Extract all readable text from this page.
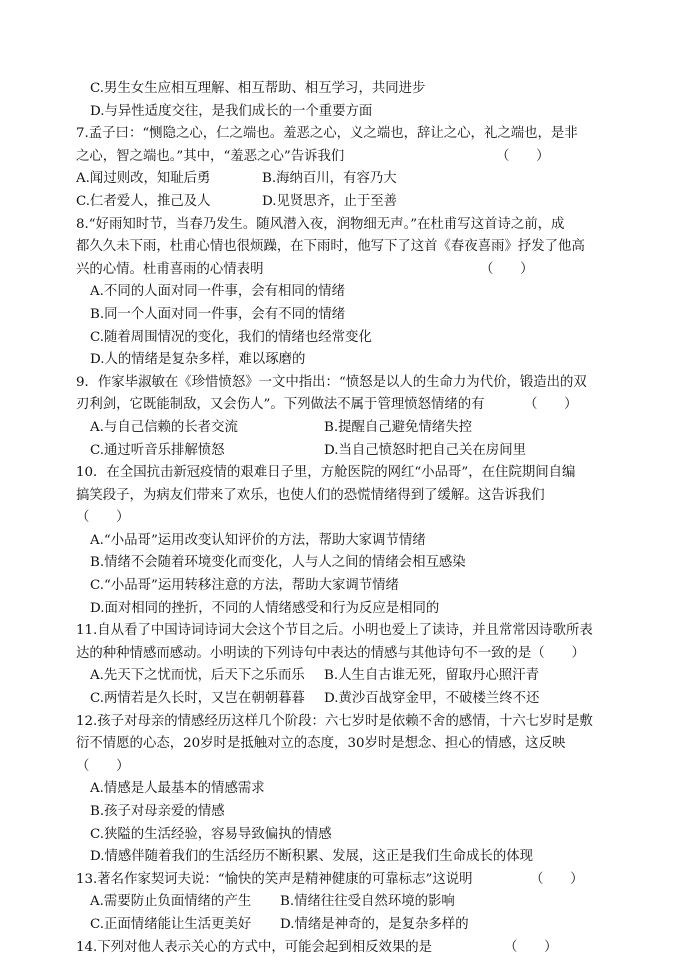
C.男生女生应相互理解、相互帮助、相互学习，共同进步
D.与异性适度交往，是我们成长的一个重要方面
7.孟子曰：“恻隐之心，仁之端也。羞恶之心，义之端也，辞让之心，礼之端也，是非
之心，智之端也。”其中，“羞恶之心”告诉我们	（　　）
A.闻过则改，知耻后勇	B.海纳百川，有容乃大
C.仁者爱人，推己及人	D.见贤思齐，止于至善
8.“好雨知时节，当春乃发生。随风潜入夜，润物细无声。”在杜甫写这首诗之前，成
都久久未下雨，杜甫心情也很烦躁，在下雨时，他写下了这首《春夜喜雨》抒发了他高
兴的心情。杜甫喜雨的心情表明	（　　）
A.不同的人面对同一件事，会有相同的情绪
B.同一个人面对同一件事，会有不同的情绪
C.随着周围情况的变化，我们的情绪也经常变化
D.人的情绪是复杂多样，难以琢磨的
9．作家毕淑敏在《珍惜愤怒》一文中指出：“愤怒是以人的生命力为代价，锻造出的双
刃利剑，它既能制敌，又会伤人”。下列做法不属于管理愤怒情绪的有	（　　）
A.与自己信赖的长者交流	B.提醒自己避免情绪失控
C.通过听音乐排解愤怒	D.当自己愤怒时把自己关在房间里
10．在全国抗击新冠疫情的艰难日子里，方舱医院的网红“小品哥”，在住院期间自编
搞笑段子，为病友们带来了欢乐，也使人们的恐慌情绪得到了缓解。这告诉我们
（　　）
A.“小品哥”运用改变认知评价的方法，帮助大家调节情绪
B.情绪不会随着环境变化而变化，人与人之间的情绪会相互感染
C.“小品哥”运用转移注意的方法，帮助大家调节情绪
D.面对相同的挫折，不同的人情绪感受和行为反应是相同的
11.自从看了中国诗词诗词大会这个节目之后。小明也爱上了读诗，并且常常因诗歌所表
达的种种情感而感动。小明读的下列诗句中表达的情感与其他诗句不一致的是（　　）
A.先天下之忧而忧，后天下之乐而乐 B.人生自古谁无死，留取丹心照汗青
C.两情若是久长时，又岂在朝朝暮暮 D.黄沙百战穿金甲，不破楼兰终不还
12.孩子对母亲的情感经历这样几个阶段：六七岁时是依赖不舍的感情，十六七岁时是敷
衍不情愿的心态，20岁时是抵触对立的态度，30岁时是想念、担心的情感，这反映
（　　）
A.情感是人最基本的情感需求
B.孩子对母亲爱的情感
C.狭隘的生活经验，容易导致偏执的情感
D.情感伴随着我们的生活经历不断积累、发展，这正是我们生命成长的体现
13.著名作家契诃夫说：“愉快的笑声是精神健康的可靠标志”这说明	（　　）
A.需要防止负面情绪的产生 B.情绪往往受自然环境的影响
C.正面情绪能让生活更美好 D.情绪是神奇的，是复杂多样的
14.下列对他人表示关心的方式中，可能会起到相反效果的是	（　　）
